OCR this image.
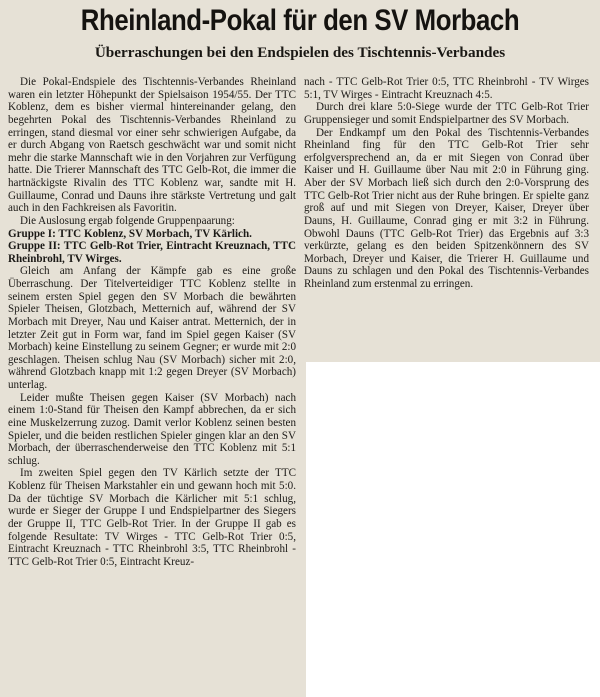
Rheinland-Pokal für den SV Morbach
Überraschungen bei den Endspielen des Tischtennis-Verbandes

Die Pokal-Endspiele des Tischtennis-Verbandes Rheinland waren ein letzter Höhepunkt der Spielsaison 1954/55. Der TTC Koblenz, dem es bisher viermal hintereinander gelang, den begehrten Pokal des Tischtennis-Verbandes Rheinland zu erringen, stand diesmal vor einer sehr schwierigen Aufgabe, da er durch Abgang von Raetsch geschwächt war und somit nicht mehr die starke Mannschaft wie in den Vorjahren zur Verfügung hatte. Die Trierer Mannschaft des TTC Gelb-Rot, die immer die hartnäckigste Rivalin des TTC Koblenz war, sandte mit H. Guillaume, Conrad und Dauns ihre stärkste Vertretung und galt auch in den Fachkreisen als Favoritin.

Die Auslosung ergab folgende Gruppenpaarung:

Gruppe I: TTC Koblenz, SV Morbach, TV Kärlich.

Gruppe II: TTC Gelb-Rot Trier, Eintracht Kreuznach, TTC Rheinbrohl, TV Wirges.

Gleich am Anfang der Kämpfe gab es eine große Überraschung. Der Titelverteidiger TTC Koblenz stellte in seinem ersten Spiel gegen den SV Morbach die bewährten Spieler Theisen, Glotzbach, Metternich auf, während der SV Morbach mit Dreyer, Nau und Kaiser antrat. Metternich, der in letzter Zeit gut in Form war, fand im Spiel gegen Kaiser (SV Morbach) keine Einstellung zu seinem Gegner; er wurde mit 2:0 geschlagen. Theisen schlug Nau (SV Morbach) sicher mit 2:0, während Glotzbach knapp mit 1:2 gegen Dreyer (SV Morbach) unterlag.

Leider mußte Theisen gegen Kaiser (SV Morbach) nach einem 1:0-Stand für Theisen den Kampf abbrechen, da er sich eine Muskelzerrung zuzog. Damit verlor Koblenz seinen besten Spieler, und die beiden restlichen Spieler gingen klar an den SV Morbach, der überraschenderweise den TTC Koblenz mit 5:1 schlug.

Im zweiten Spiel gegen den TV Kärlich setzte der TTC Koblenz für Theisen Markstahler ein und gewann hoch mit 5:0. Da der tüchtige SV Morbach die Kärlicher mit 5:1 schlug, wurde er Sieger der Gruppe I und Endspielpartner des Siegers der Gruppe II, TTC Gelb-Rot Trier. In der Gruppe II gab es folgende Resultate: TV Wirges - TTC Gelb-Rot Trier 0:5, Eintracht Kreuznach - TTC Rheinbrohl 3:5, TTC Rheinbrohl - TTC Gelb-Rot Trier 0:5, Eintracht Kreuz-

nach - TTC Gelb-Rot Trier 0:5, TTC Rheinbrohl - TV Wirges 5:1, TV Wirges - Eintracht Kreuznach 4:5.

Durch drei klare 5:0-Siege wurde der TTC Gelb-Rot Trier Gruppensieger und somit Endspielpartner des SV Morbach.

Der Endkampf um den Pokal des Tischtennis-Verbandes Rheinland fing für den TTC Gelb-Rot Trier sehr erfolgversprechend an, da er mit Siegen von Conrad über Kaiser und H. Guillaume über Nau mit 2:0 in Führung ging. Aber der SV Morbach ließ sich durch den 2:0-Vorsprung des TTC Gelb-Rot Trier nicht aus der Ruhe bringen. Er spielte ganz groß auf und mit Siegen von Dreyer, Kaiser, Dreyer über Dauns, H. Guillaume, Conrad ging er mit 3:2 in Führung. Obwohl Dauns (TTC Gelb-Rot Trier) das Ergebnis auf 3:3 verkürzte, gelang es den beiden Spitzenkönnern des SV Morbach, Dreyer und Kaiser, die Trierer H. Guillaume und Dauns zu schlagen und den Pokal des Tischtennis-Verbandes Rheinland zum erstenmal zu erringen.
